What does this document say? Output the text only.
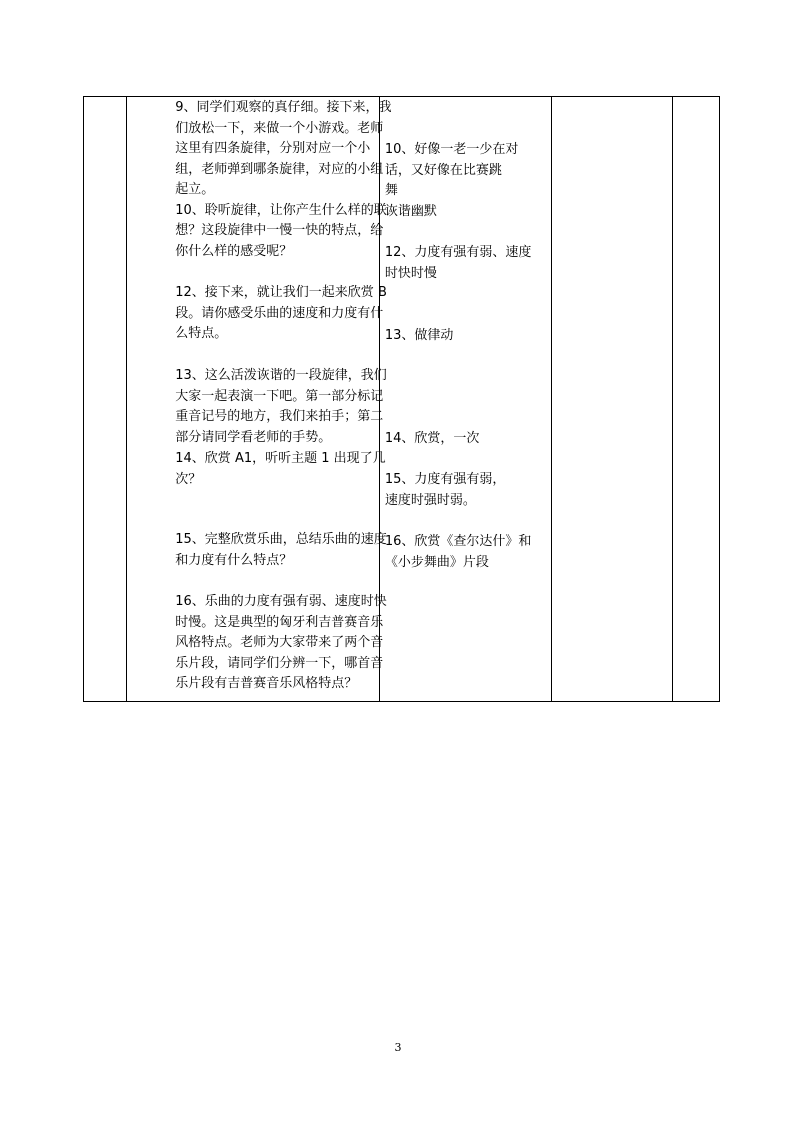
9、同学们观察的真仔细。接下来，我
们放松一下，来做一个小游戏。老师
这里有四条旋律，分别对应一个小
组，老师弹到哪条旋律，对应的小组
起立。
10、聆听旋律，让你产生什么样的联
想？这段旋律中一慢一快的特点，给
你什么样的感受呢？
12、接下来，就让我们一起来欣赏 B
段。请你感受乐曲的速度和力度有什
么特点。
13、这么活泼诙谐的一段旋律，我们
大家一起表演一下吧。第一部分标记
重音记号的地方，我们来拍手；第二
部分请同学看老师的手势。
14、欣赏 A1，听听主题 1 出现了几
次？
15、完整欣赏乐曲，总结乐曲的速度
和力度有什么特点？
16、乐曲的力度有强有弱、速度时快
时慢。这是典型的匈牙利吉普赛音乐
风格特点。老师为大家带来了两个音
乐片段，请同学们分辨一下，哪首音
乐片段有吉普赛音乐风格特点？

10、好像一老一少在对
话，又好像在比赛跳
舞
诙谐幽默
12、力度有强有弱、速度
时快时慢
13、做律动
14、欣赏，一次
15、力度有强有弱，
速度时强时弱。
16、欣赏《查尔达什》和
《小步舞曲》片段

3
